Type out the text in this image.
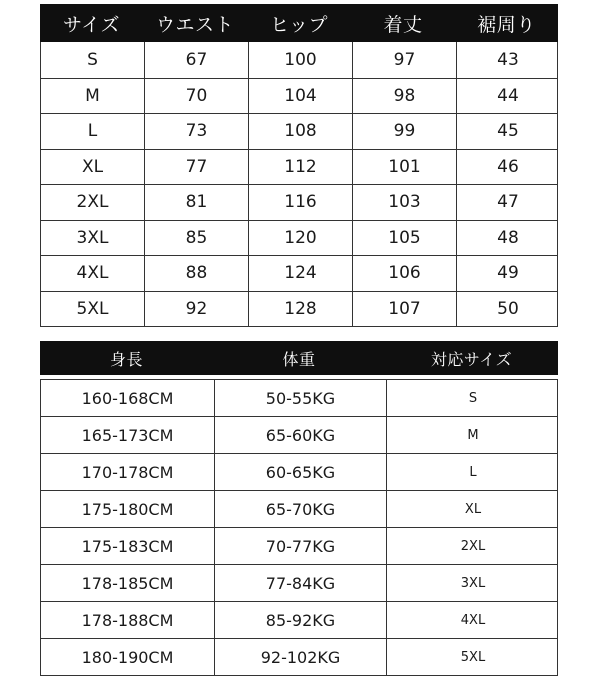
サイズ	ウエスト	ヒップ	着丈	裾周り
S	67	100	97	43
M	70	104	98	44
L	73	108	99	45
XL	77	112	101	46
2XL	81	116	103	47
3XL	85	120	105	48
4XL	88	124	106	49
5XL	92	128	107	50
身長	体重	対応サイズ
160-168CM	50-55KG	S
165-173CM	65-60KG	M
170-178CM	60-65KG	L
175-180CM	65-70KG	XL
175-183CM	70-77KG	2XL
178-185CM	77-84KG	3XL
178-188CM	85-92KG	4XL
180-190CM	92-102KG	5XL
